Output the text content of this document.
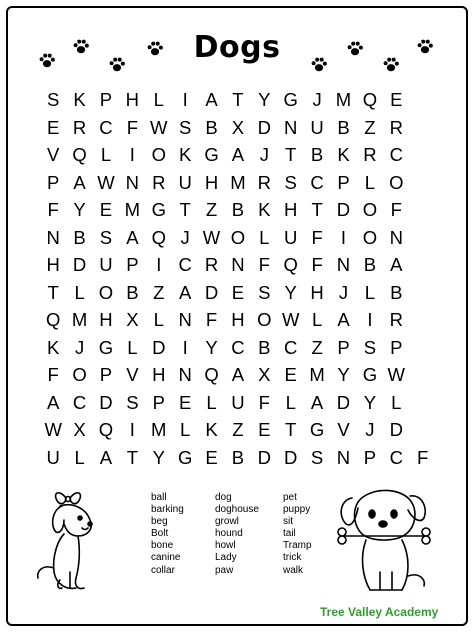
Dogs
S K P H L	I A T Y G J M Q E
E R C F W S B X D N U B Z R
V Q L	I O K G A J T B K R C
P A W N R U H M R S C P L O
F Y E M G T Z B K H T D O F
N B S A Q J W O L U F I O N
H D U P I C R N F Q F N B A
T L O B Z A D E S Y H J L B
Q M H X L N F H O W L A I R
K J G L D I Y C B C Z P S P
F O P V H N Q A X E M Y G W
A C D S P E L U F L A D Y L
W X Q I M L K Z E T G V J D
U L A T Y G E B D D S N P C F
ball
barking
beg
Bolt
bone
canine
collar
dog
doghouse
growl
hound
howl
Lady
paw
pet
puppy
sit
tail
Tramp
trick
walk
Tree Valley Academy
